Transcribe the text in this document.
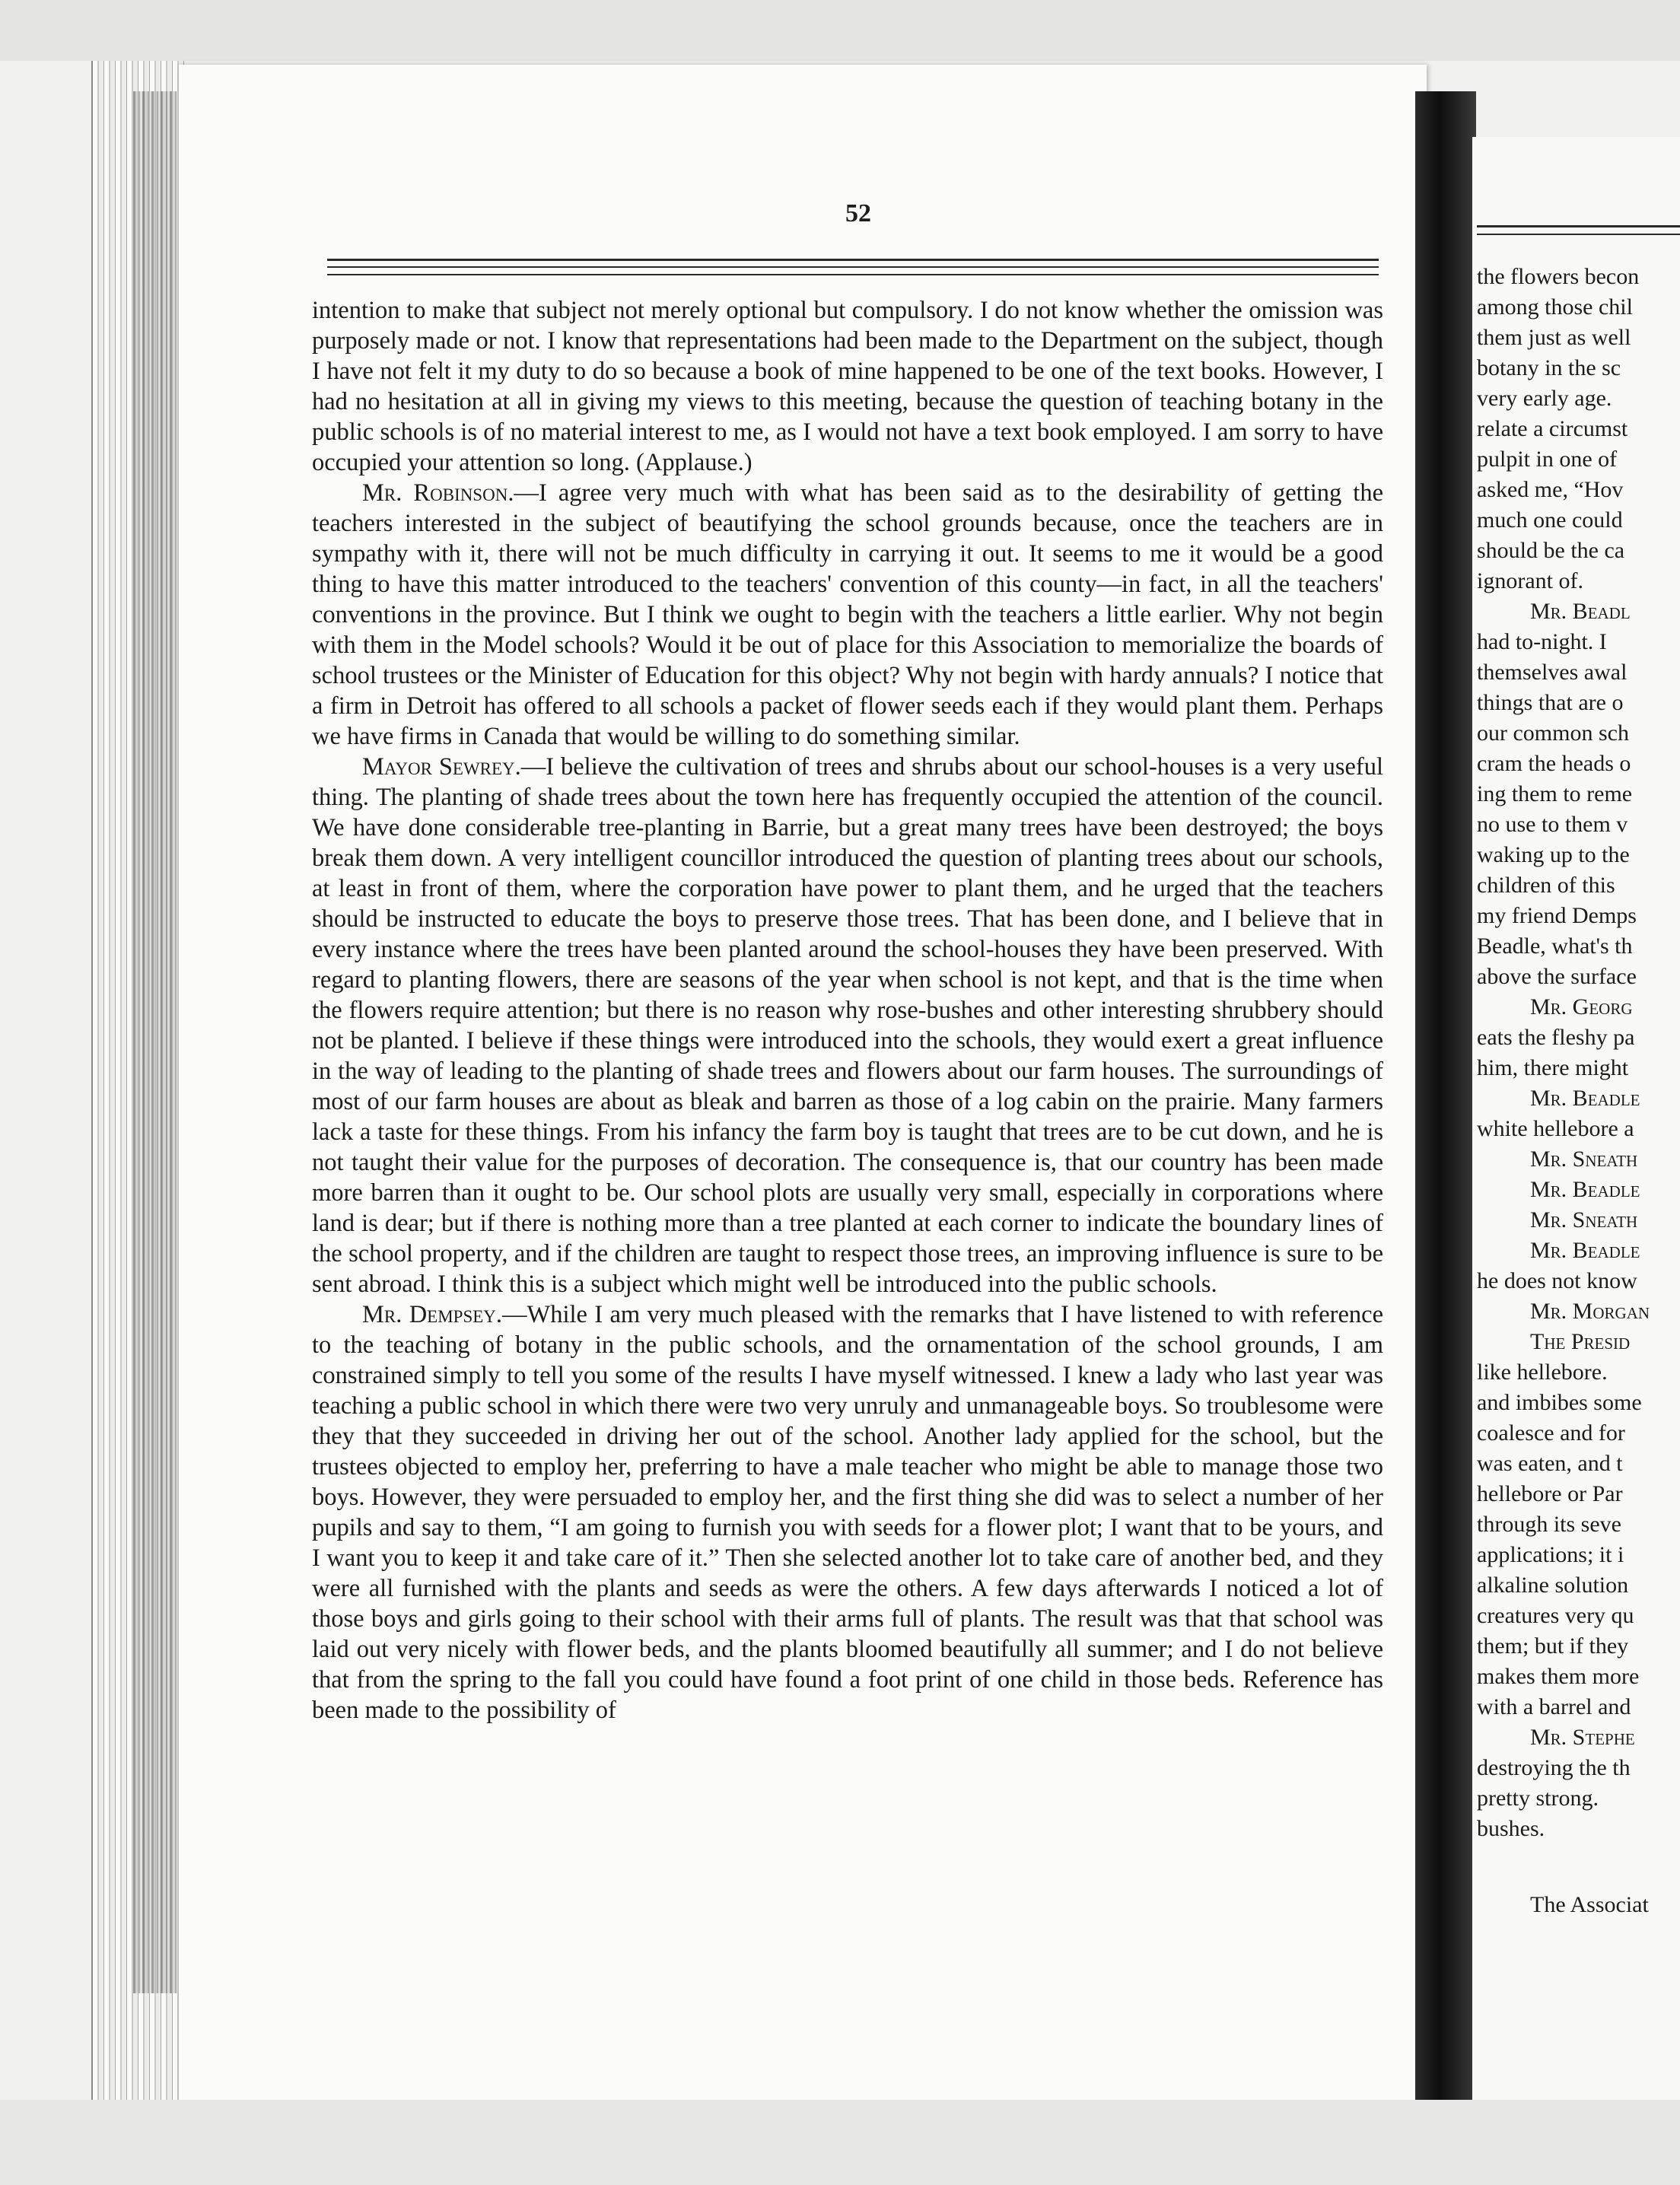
52

intention to make that subject not merely optional but compulsory. I do not know whether the omission was purposely made or not. I know that representations had been made to the Department on the subject, though I have not felt it my duty to do so because a book of mine happened to be one of the text books. However, I had no hesitation at all in giving my views to this meeting, because the question of teaching botany in the public schools is of no material interest to me, as I would not have a text book employed. I am sorry to have occupied your attention so long. (Applause.)

Mr. Robinson.—I agree very much with what has been said as to the desirability of getting the teachers interested in the subject of beautifying the school grounds because, once the teachers are in sympathy with it, there will not be much difficulty in carrying it out. It seems to me it would be a good thing to have this matter introduced to the teachers' convention of this county—in fact, in all the teachers' conventions in the province. But I think we ought to begin with the teachers a little earlier. Why not begin with them in the Model schools? Would it be out of place for this Association to memorialize the boards of school trustees or the Minister of Education for this object? Why not begin with hardy annuals? I notice that a firm in Detroit has offered to all schools a packet of flower seeds each if they would plant them. Perhaps we have firms in Canada that would be willing to do something similar.

Mayor Sewrey.—I believe the cultivation of trees and shrubs about our school-houses is a very useful thing. The planting of shade trees about the town here has frequently occupied the attention of the council. We have done considerable tree-planting in Barrie, but a great many trees have been destroyed; the boys break them down. A very intelligent councillor introduced the question of planting trees about our schools, at least in front of them, where the corporation have power to plant them, and he urged that the teachers should be instructed to educate the boys to preserve those trees. That has been done, and I believe that in every instance where the trees have been planted around the school-houses they have been preserved. With regard to planting flowers, there are seasons of the year when school is not kept, and that is the time when the flowers require attention; but there is no reason why rose-bushes and other interesting shrubbery should not be planted. I believe if these things were introduced into the schools, they would exert a great influence in the way of leading to the planting of shade trees and flowers about our farm houses. The surroundings of most of our farm houses are about as bleak and barren as those of a log cabin on the prairie. Many farmers lack a taste for these things. From his infancy the farm boy is taught that trees are to be cut down, and he is not taught their value for the purposes of decoration. The consequence is, that our country has been made more barren than it ought to be. Our school plots are usually very small, especially in corporations where land is dear; but if there is nothing more than a tree planted at each corner to indicate the boundary lines of the school property, and if the children are taught to respect those trees, an improving influence is sure to be sent abroad. I think this is a subject which might well be introduced into the public schools.

Mr. Dempsey.—While I am very much pleased with the remarks that I have listened to with reference to the teaching of botany in the public schools, and the ornamentation of the school grounds, I am constrained simply to tell you some of the results I have myself witnessed. I knew a lady who last year was teaching a public school in which there were two very unruly and unmanageable boys. So troublesome were they that they succeeded in driving her out of the school. Another lady applied for the school, but the trustees objected to employ her, preferring to have a male teacher who might be able to manage those two boys. However, they were persuaded to employ her, and the first thing she did was to select a number of her pupils and say to them, “I am going to furnish you with seeds for a flower plot; I want that to be yours, and I want you to keep it and take care of it.” Then she selected another lot to take care of another bed, and they were all furnished with the plants and seeds as were the others. A few days afterwards I noticed a lot of those boys and girls going to their school with their arms full of plants. The result was that that school was laid out very nicely with flower beds, and the plants bloomed beautifully all summer; and I do not believe that from the spring to the fall you could have found a foot print of one child in those beds. Reference has been made to the possibility of

the flowers becon
among those chil
them just as well
botany in the sc
very early age.
relate a circumst
pulpit in one of
asked me, “Hov
much one could
should be the ca
ignorant of.
Mr. Beadl
had to-night. I
themselves awal
things that are o
our common sch
cram the heads o
ing them to reme
no use to them v
waking up to the
children of this
my friend Demps
Beadle, what's th
above the surface
Mr. Georg
eats the fleshy pa
him, there might
Mr. Beadle
white hellebore a
Mr. Sneath
Mr. Beadle
Mr. Sneath
Mr. Beadle
he does not know
Mr. Morgan
The Presid
like hellebore.
and imbibes some
coalesce and for
was eaten, and t
hellebore or Par
through its seve
applications; it i
alkaline solution
creatures very qu
them; but if they
makes them more
with a barrel and
Mr. Stephe
destroying the th
pretty strong.
bushes.
The Associat
